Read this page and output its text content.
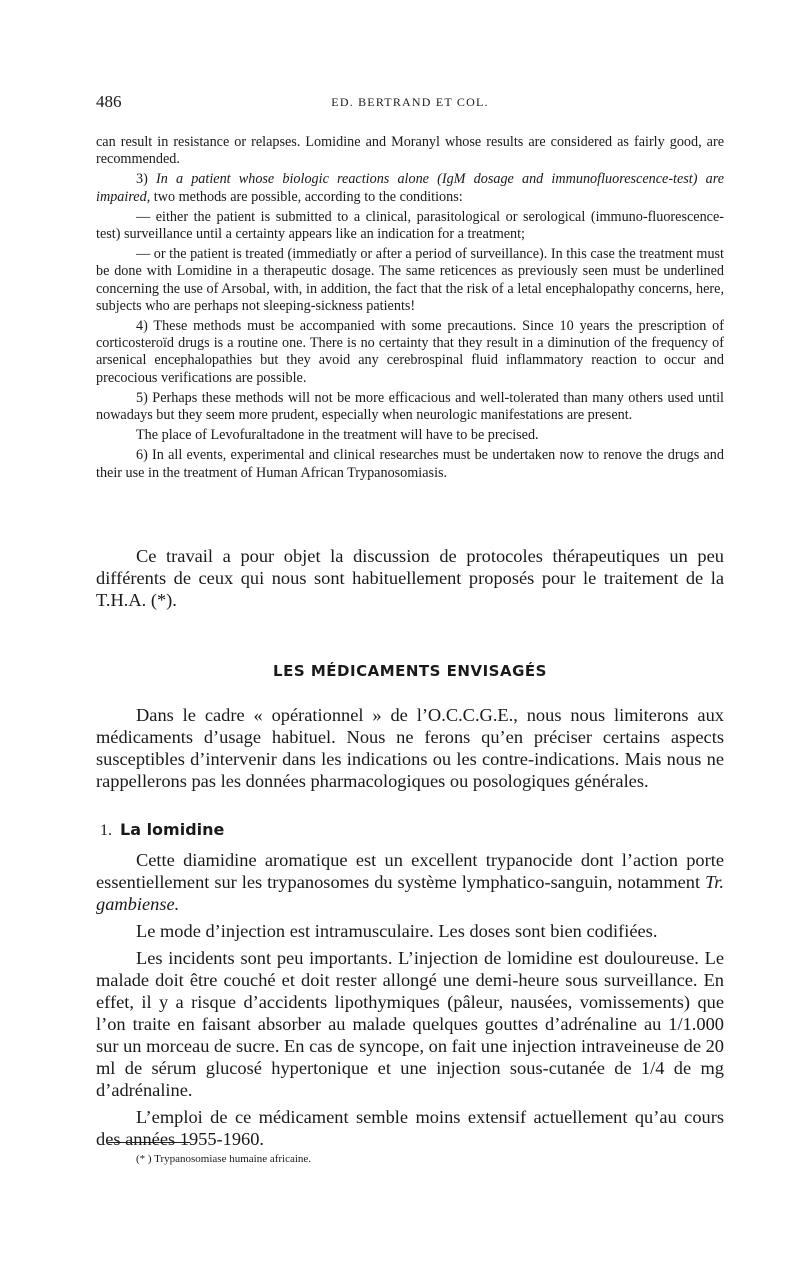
486	ED. BERTRAND ET COL.

can result in resistance or relapses. Lomidine and Moranyl whose results are considered as fairly good, are recommended.

3) In a patient whose biologic reactions alone (IgM dosage and immunofluorescence-test) are impaired, two methods are possible, according to the conditions:

— either the patient is submitted to a clinical, parasitological or serological (immuno-fluorescence-test) surveillance until a certainty appears like an indication for a treatment;

— or the patient is treated (immediatly or after a period of surveillance). In this case the treatment must be done with Lomidine in a therapeutic dosage. The same reticences as previously seen must be underlined concerning the use of Arsobal, with, in addition, the fact that the risk of a letal encephalopathy concerns, here, subjects who are perhaps not sleeping-sickness patients!

4) These methods must be accompanied with some precautions. Since 10 years the prescription of corticosteroïd drugs is a routine one. There is no certainty that they result in a diminution of the frequency of arsenical encephalopathies but they avoid any cerebrospinal fluid inflammatory reaction to occur and precocious verifications are possible.

5) Perhaps these methods will not be more efficacious and well-tolerated than many others used until nowadays but they seem more prudent, especially when neurologic manifestations are present.

The place of Levofuraltadone in the treatment will have to be precised.

6) In all events, experimental and clinical researches must be undertaken now to renove the drugs and their use in the treatment of Human African Trypanosomiasis.

Ce travail a pour objet la discussion de protocoles thérapeutiques un peu différents de ceux qui nous sont habituellement proposés pour le traitement de la T.H.A. (*).

LES MÉDICAMENTS ENVISAGÉS

Dans le cadre « opérationnel » de l’O.C.C.G.E., nous nous limiterons aux médicaments d’usage habituel. Nous ne ferons qu’en préciser certains aspects susceptibles d’intervenir dans les indications ou les contre-indications. Mais nous ne rappellerons pas les données pharmacologiques ou posologiques générales.

1. La lomidine

Cette diamidine aromatique est un excellent trypanocide dont l’action porte essentiellement sur les trypanosomes du système lymphatico-sanguin, notamment Tr. gambiense.

Le mode d’injection est intramusculaire. Les doses sont bien codifiées.

Les incidents sont peu importants. L’injection de lomidine est douloureuse. Le malade doit être couché et doit rester allongé une demi-heure sous surveillance. En effet, il y a risque d’accidents lipothymiques (pâleur, nausées, vomissements) que l’on traite en faisant absorber au malade quelques gouttes d’adrénaline au 1/1.000 sur un morceau de sucre. En cas de syncope, on fait une injection intraveineuse de 20 ml de sérum glucosé hypertonique et une injection sous-cutanée de 1/4 de mg d’adrénaline.

L’emploi de ce médicament semble moins extensif actuellement qu’au cours des années 1955-1960.

(* ) Trypanosomiase humaine africaine.
